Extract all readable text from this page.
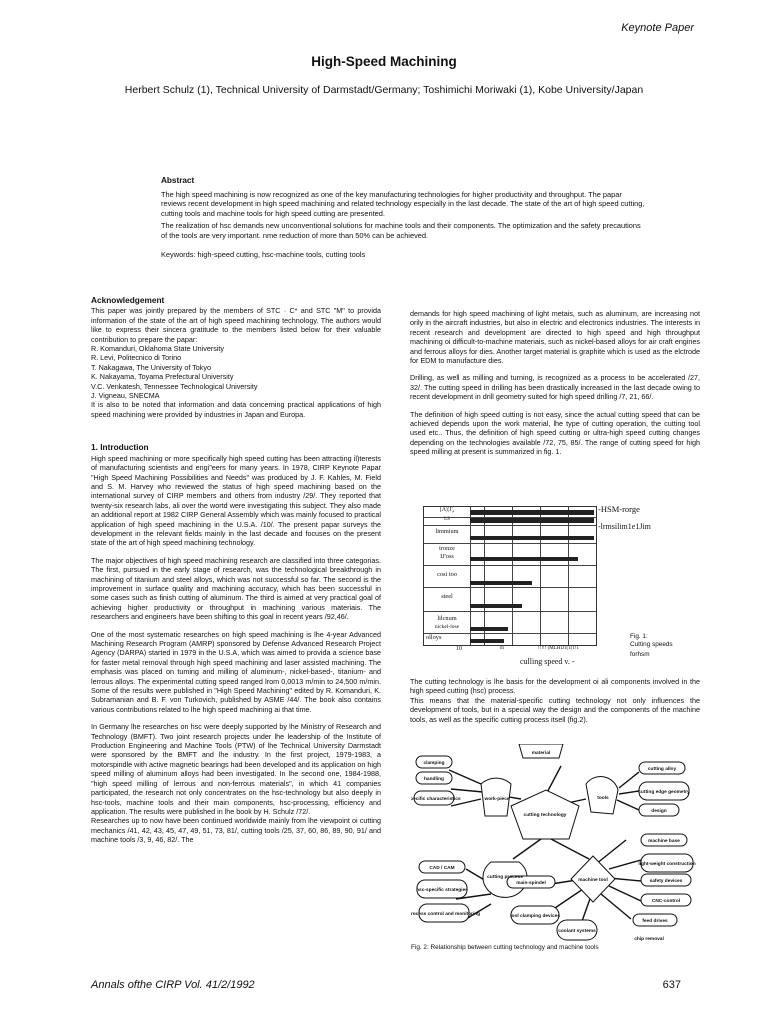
Keynote Paper
High-Speed Machining
Herbert Schulz (1), Technical University of Darmstadt/Germany; Toshimichi Moriwaki (1), Kobe University/Japan
Abstract

The high speed machining is now recognized as one of the key manufacturing technologies for higher productivity and throughput. The papar reviews recent development in high speed machining and related technology especially in the last decade. The state of the art of high speed cutting, cutting tools and machine tools for high speed cutting are presented.

The realization of hsc demands new unconventional solutions for machine tools and their components. The optimization and the safety precautions of the tools are very important. nme reduction of more than 50% can be achieved.

Keywords: high-speed cutting, hsc-machine tools, cutting tools

Acknowledgement
This paper was jointly prepared by the members of STC · C* and STC "M" to provida information of the state of the art of high speed machining technology. The authors would like to express their sincera gratitude to the members listed below for their valuable contribution to prepare the papar:
R. Komanduri, Oklahoma State University
R. Levi, Politecnico di Torino
T. Nakagawa, The University of Tokyo
K. Nakayama, Toyama Prefectural University
V.C. Venkatesh, Tennessee Technological University
J. Vigneau, SNECMA

It is also to be noted that information and data concerning practical applications of high speed machining were provided by industries in Japan and Europa.

1. Introduction

High speed machining or more specifically high speed cutting has been attracting il)terests of manufacturing scientists and engi"eers for many years. In 1978, CIRP Keynote Papar "High Speed Machining Possibilities and Needs" was produced by J. F. Kahles, M. Field and S. M. Harvey who reviewed the status of high speed machining based on the international survey of CIRP members and others from industry /29/. They reported that twenty-six research labs, ali over the wortd were investigating this subject. They also made an additional report at 1982 CIRP General Assembly which was mainly focused to practical application of high speed machining in the U.S.A. /10/. The present papar surveys the development in the relevant fields mainly in the last decade and focuses on the present state of the art of high speed machining technology.

The major objectives of high speed machining research are classified into three categorias. The first, pursued in the early stage of research, was the technological breakthrough in machining of titanium and steel alloys, which was not successful so far. The second is the improvement in surface quality and machining accuracy, which has been successful in some cases such as finish cutting of aluminum. The third is aimed at very practical goal of achieving higher productivity or throughput in machining various materiais. The researchers and engineers have been shifting to this goal in recent years /92,46/.

One of the most systematic researches on high speed machining is lhe 4-year Advanced Machining Research Program (AMRP) sponsored by Defense Advanced Research Project Agency (DARPA) started in 1979 in the U.S.A, which was aimed to provida a science base for faster metal removal through high speed machining and laser assisted machining. The emphasis was placed on tuming and milling of aluminum-, nickel-based-, titanium- and lerrous alloys. The experimental cutting speed ranged lrom 0,0013 m/min to 24,500 m/min. Some of the results were published in "High Speed Machining" edited by R. Komanduri, K. Subramanian and B. F. von Turkovich, published by ASME /44/. The book also contains various contributions related to lhe high speed machining ai that time.

In Germany lhe researches on hsc were deeply supported by lhe Ministry of Research and Technology (BMFT). Two joint research projects under lhe leadership of the Institute of Production Engineering and Machine Tools (PTW) of lhe Technical University Darmstadt were sponsored by the BMFT and lhe industry. In the first project, 1979-1983, a motorspindle with active magnetic bearings had been developed and its application on high speed milling of aluminum alloys had been investigated. In lhe second one, 1984-1988, "high speed milling of lerrous and non-ferrous materials", in which 41 companies participated, the research not only concentrates on the hsc-technology but also deeply in hsc-tools, machine tools and their main components, hsc-processing, efficiency and application. The results were published in lhe book by H. Schulz /72/.

Researches up to now have been continued worldwide mainly from lhe viewpoint oi cutting mechanics /41, 42, 43, 45, 47, 49, 51, 73, 81/, cutting tools /25, 37, 60, 86, 89, 90, 91/ and machine tools /3, 9, 46, 82/. The

demands for high speed machining of light metais, such as aluminum, are increasing not orily in the aircraft industries, but also in electric and electronics industries. The interests in recent research and development are directed to high speed and high throughput machining oi difficult-to-machine materiais, such as nickel-based alloys for air craft engines and ferrous alloys for dies. Another target material is graphite which is used as the elctrode for EDM to manufacture dies.

Drilling, as well as milling and turning, is recognized as a process to be accelerated /27, 32/. The cutting speed in drilling has been drastically increased in the last decade owing to recent development in drill geometry suited for high speed drilling /7, 21, 66/.

The definition of high speed cutting is not easy, since the actual cutting speed that can be achieved depends upon the work material, lhe type of cutting operation, the cutting tool used etc.. Thus, the definition of high speed cutting or ultra-high speed cutting changes depending on the technologies available /72, 75, 85/. The range of cutting speed for high speed milling at present is summarized in fig. 1.

[A¦(J¦,
LS
limmium
tronze
IJ'oss
cosi too
steel
lilcnum
nickel-lose
olloys
-HSM-rorge
-lrmsilim1e1Jim
10	m	!!!!! (MLHIJ1(1(1!1
culling speed v. -
Fig. 1:
Cutting speeds
forhsm
The cutting technology is lhe basis for the development oi ali components involved in the high speed cutting (hsc) process.
This means that the material-specific cutting technology not only influences the development of tools, but in a special way the design and the components of the machine tools, as well as the specific cutting process itsell (fig.2).
cutting technology
material
work-piece	tools
cutting process
machine tool
clamping
handling
specific characteristics
cutting alloy
cutting edge geometry
design
machine base
light-weight construction
safety devices
CNC-control
feed drives
coolant systems
tool clamping devices
main-spindel
CAD / CAM
hsc-specific strategies
process control and monitoring
chip removal
Fig. 2: Relationship between cutting technology and machine tools
Annals ofthe CIRP Vol. 41/2/1992	637
